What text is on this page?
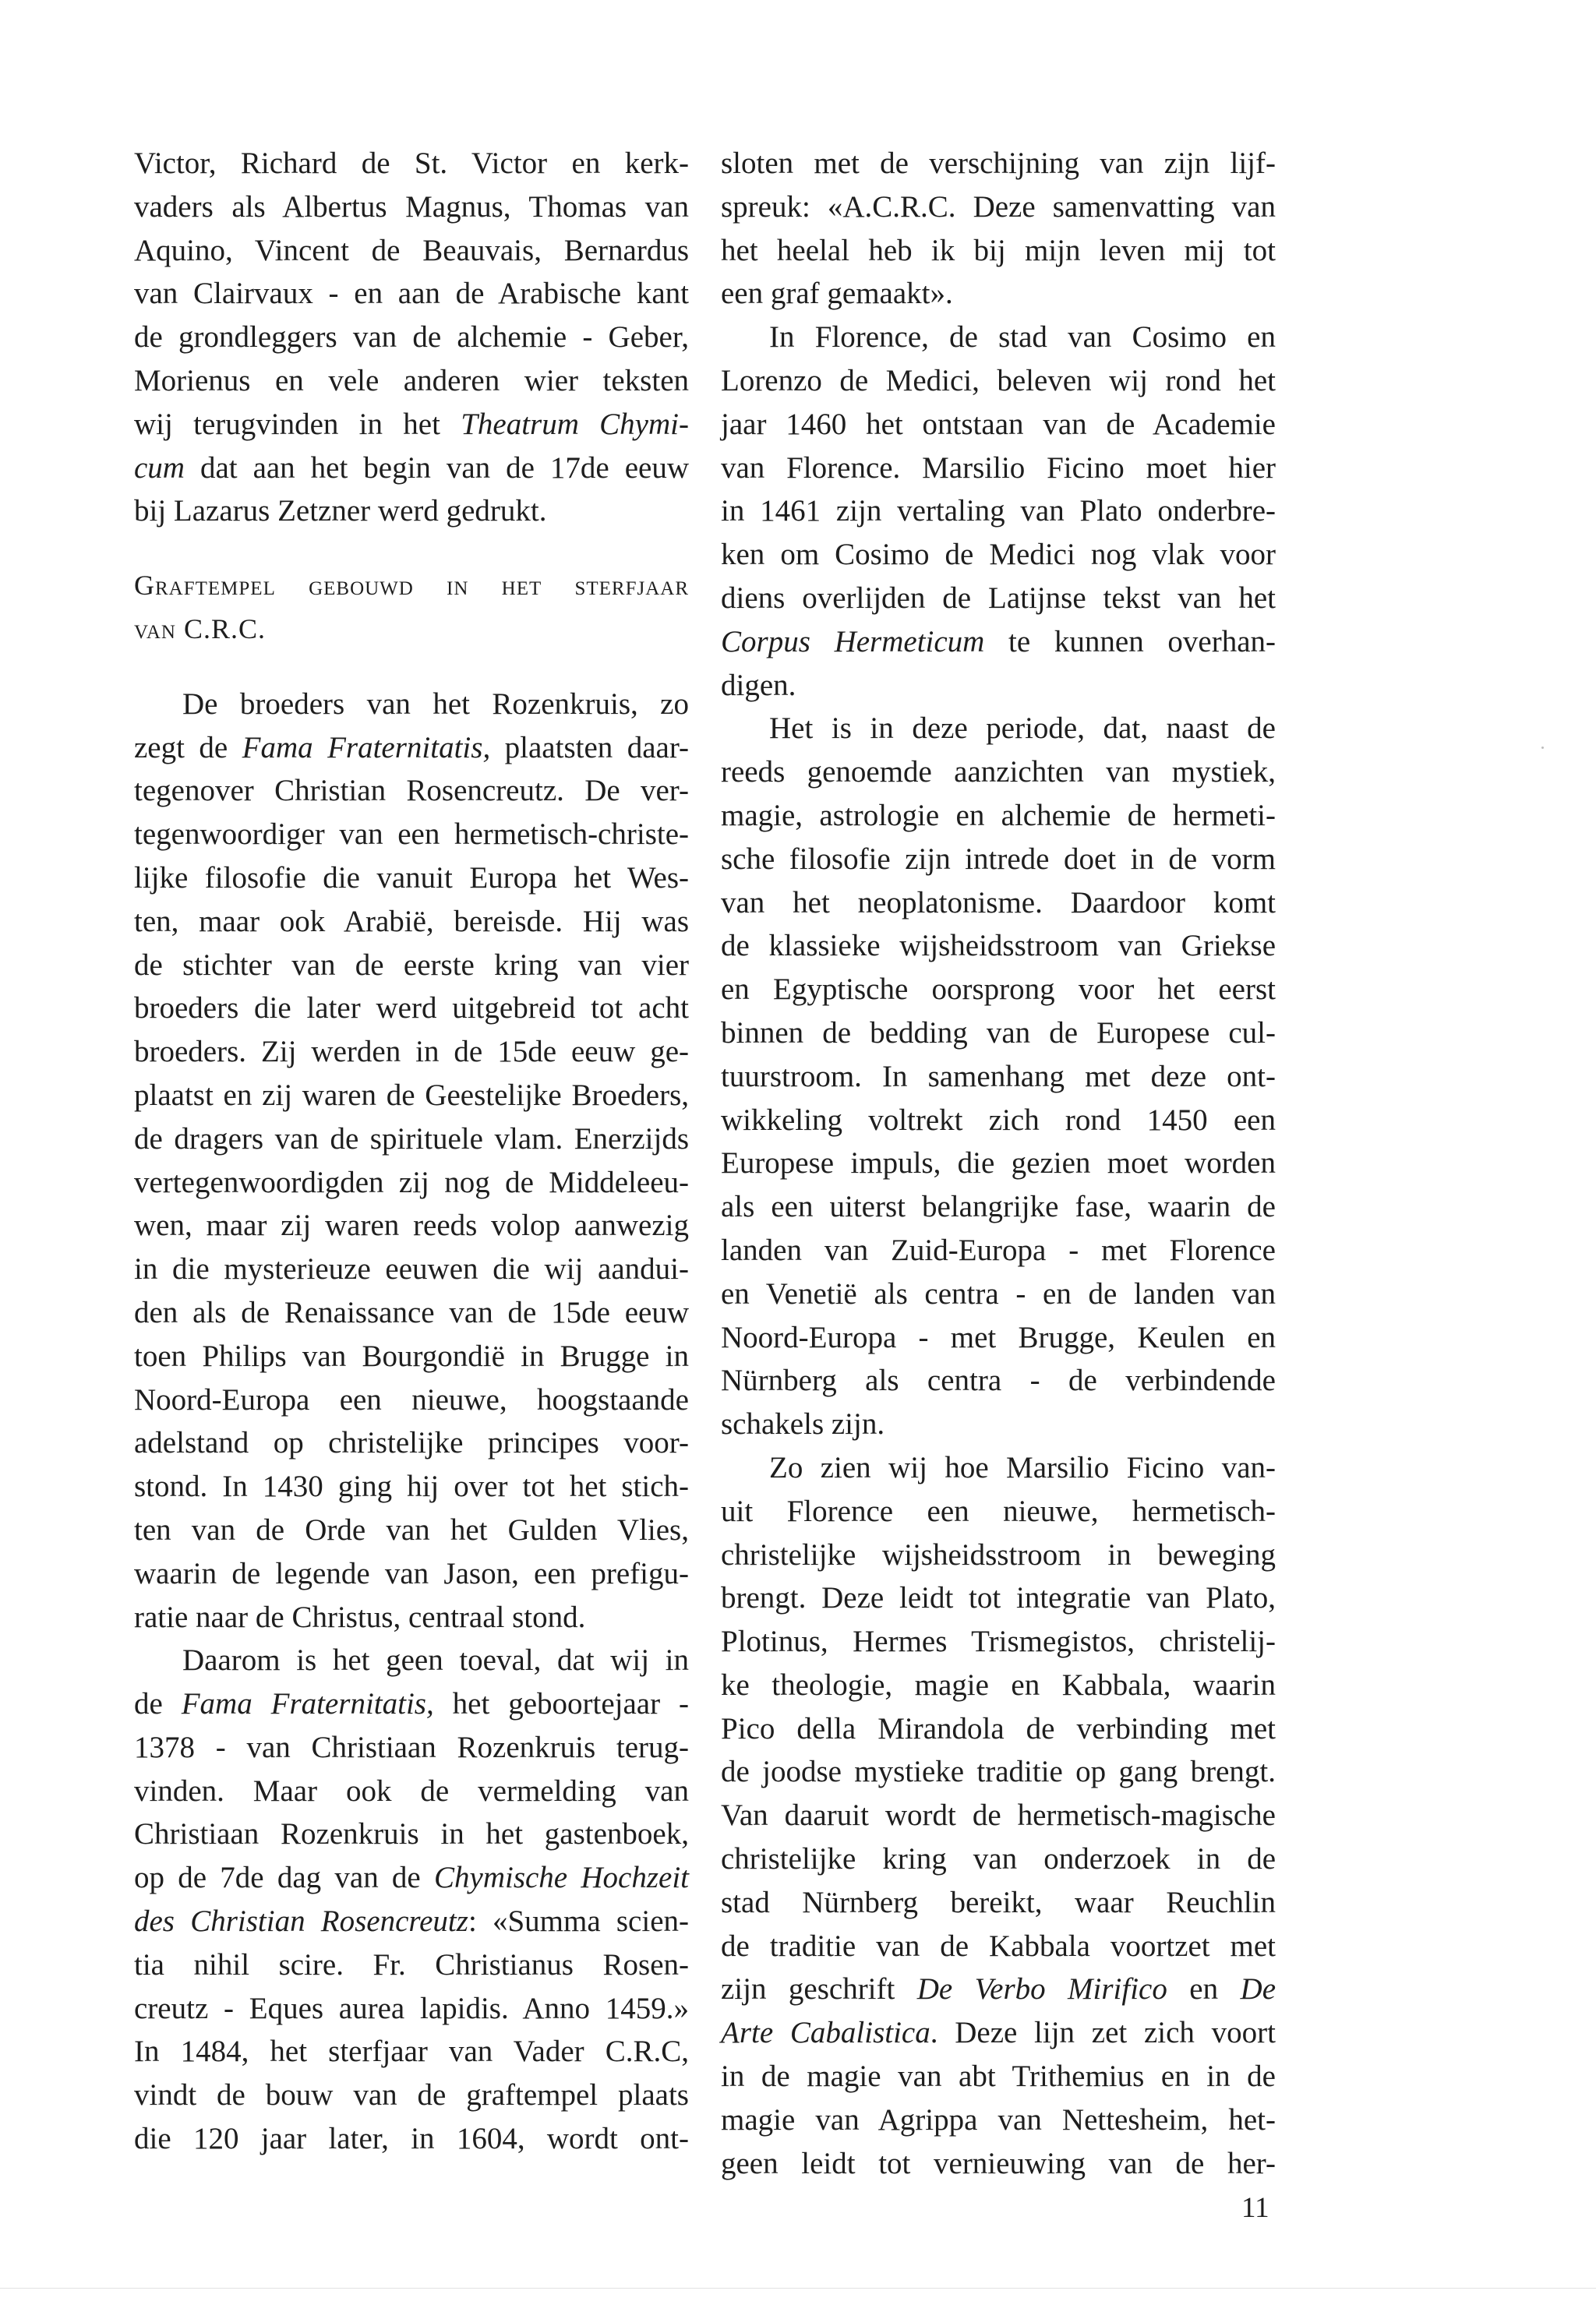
Victor, Richard de St. Victor en kerk-
vaders als Albertus Magnus, Thomas van
Aquino, Vincent de Beauvais, Bernardus
van Clairvaux - en aan de Arabische kant
de grondleggers van de alchemie - Geber,
Morienus en vele anderen wier teksten
wij terugvinden in het Theatrum Chymi-
cum dat aan het begin van de 17de eeuw
bij Lazarus Zetzner werd gedrukt.
Graftempel gebouwd in het sterfjaar
van C.R.C.
De broeders van het Rozenkruis, zo
zegt de Fama Fraternitatis, plaatsten daar-
tegenover Christian Rosencreutz. De ver-
tegenwoordiger van een hermetisch-christe-
lijke filosofie die vanuit Europa het Wes-
ten, maar ook Arabië, bereisde. Hij was
de stichter van de eerste kring van vier
broeders die later werd uitgebreid tot acht
broeders. Zij werden in de 15de eeuw ge-
plaatst en zij waren de Geestelijke Broeders,
de dragers van de spirituele vlam. Enerzijds
vertegenwoordigden zij nog de Middeleeu-
wen, maar zij waren reeds volop aanwezig
in die mysterieuze eeuwen die wij aandui-
den als de Renaissance van de 15de eeuw
toen Philips van Bourgondië in Brugge in
Noord-Europa een nieuwe, hoogstaande
adelstand op christelijke principes voor-
stond. In 1430 ging hij over tot het stich-
ten van de Orde van het Gulden Vlies,
waarin de legende van Jason, een prefigu-
ratie naar de Christus, centraal stond.
Daarom is het geen toeval, dat wij in
de Fama Fraternitatis, het geboortejaar -
1378 - van Christiaan Rozenkruis terug-
vinden. Maar ook de vermelding van
Christiaan Rozenkruis in het gastenboek,
op de 7de dag van de Chymische Hochzeit
des Christian Rosencreutz: «Summa scien-
tia nihil scire. Fr. Christianus Rosen-
creutz - Eques aurea lapidis. Anno 1459.»
In 1484, het sterfjaar van Vader C.R.C,
vindt de bouw van de graftempel plaats
die 120 jaar later, in 1604, wordt ont-
sloten met de verschijning van zijn lijf-
spreuk: «A.C.R.C. Deze samenvatting van
het heelal heb ik bij mijn leven mij tot
een graf gemaakt».
In Florence, de stad van Cosimo en
Lorenzo de Medici, beleven wij rond het
jaar 1460 het ontstaan van de Academie
van Florence. Marsilio Ficino moet hier
in 1461 zijn vertaling van Plato onderbre-
ken om Cosimo de Medici nog vlak voor
diens overlijden de Latijnse tekst van het
Corpus Hermeticum te kunnen overhan-
digen.
Het is in deze periode, dat, naast de
reeds genoemde aanzichten van mystiek,
magie, astrologie en alchemie de hermeti-
sche filosofie zijn intrede doet in de vorm
van het neoplatonisme. Daardoor komt
de klassieke wijsheidsstroom van Griekse
en Egyptische oorsprong voor het eerst
binnen de bedding van de Europese cul-
tuurstroom. In samenhang met deze ont-
wikkeling voltrekt zich rond 1450 een
Europese impuls, die gezien moet worden
als een uiterst belangrijke fase, waarin de
landen van Zuid-Europa - met Florence
en Venetië als centra - en de landen van
Noord-Europa - met Brugge, Keulen en
Nürnberg als centra - de verbindende
schakels zijn.
Zo zien wij hoe Marsilio Ficino van-
uit Florence een nieuwe, hermetisch-
christelijke wijsheidsstroom in beweging
brengt. Deze leidt tot integratie van Plato,
Plotinus, Hermes Trismegistos, christelij-
ke theologie, magie en Kabbala, waarin
Pico della Mirandola de verbinding met
de joodse mystieke traditie op gang brengt.
Van daaruit wordt de hermetisch-magische
christelijke kring van onderzoek in de
stad Nürnberg bereikt, waar Reuchlin
de traditie van de Kabbala voortzet met
zijn geschrift De Verbo Mirifico en De
Arte Cabalistica. Deze lijn zet zich voort
in de magie van abt Trithemius en in de
magie van Agrippa van Nettesheim, het-
geen leidt tot vernieuwing van de her-
11
